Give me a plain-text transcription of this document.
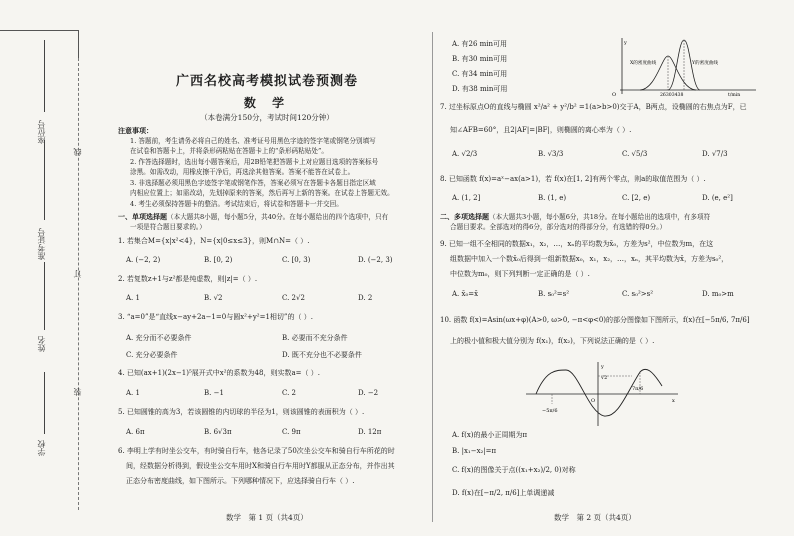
座位号
准考证号
姓名
学校
线
订
装
广西名校高考模拟试卷预测卷
数 学
（本卷满分150分，考试时间120分钟）
注意事项：
1. 答题前，考生请务必将自己的姓名、准考证号用黑色字迹的签字笔或钢笔分别填写
在试卷和答题卡上，并将条形码粘贴在答题卡上的“条形码粘贴处”。
2. 作答选择题时，选出每小题答案后，用2B铅笔把答题卡上对应题目选项的答案标号
涂黑。如需改动，用橡皮擦干净后，再选涂其他答案。答案不能答在试卷上。
3. 非选择题必须用黑色字迹签字笔或钢笔作答，答案必须写在答题卡各题目指定区域
内相应位置上；如需改动，先划掉原来的答案，然后再写上新的答案。在试卷上答题无效。
4. 考生必须保持答题卡的整洁。考试结束后，将试卷和答题卡一并交回。
一、单项选择题（本大题共8小题，每小题5分，共40分。在每小题给出的四个选项中，只有
一项是符合题目要求的。）
1. 若集合M={x|x²<4}，N={x|0≤x≤3}，则M∩N=（ ）.
A. (−2, 2)	B. [0, 2)	C. [0, 3)	D. (−2, 3)
2. 若复数z+1与z²都是纯虚数，则|z|=（ ）.
A. 1	B. √2	C. 2√2	D. 2
3. “a=0”是“直线x−ay+2a−1=0与圆x²+y²=1相切”的（ ）.
A. 充分而不必要条件	B. 必要而不充分条件
C. 充分必要条件	D. 既不充分也不必要条件
4. 已知(ax+1)(2x−1)⁵展开式中x²的系数为48，则实数a=（ ）.
A. 1	B. −1	C. 2	D. −2
5. 已知圆锥的高为3，若该圆锥的内切球的半径为1，则该圆锥的表面积为（ ）.
A. 6π	B. 6√3π	C. 9π	D. 12π
6. 李明上学有时坐公交车，有时骑自行车，他各记录了50次坐公交车和骑自行车所花的时
间，经数据分析得到，假设坐公交车用时X和骑自行车用时Y都服从正态分布，并作出其
正态分布密度曲线，如下图所示。下列哪种情况下，应选择骑自行车（ ）.
数学　第 1 页（共4页）
A. 有26 min可用
B. 有30 min可用
C. 有34 min可用
D. 有38 min可用
O
y
X的密度曲线	Y的密度曲线
26303438	t/min
7. 过坐标原点O的直线与椭圆 x²/a² + y²/b² =1(a>b>0)交于A，B两点，设椭圆的右焦点为F，已
知∠AFB=60°，且2|AF|=|BF|，则椭圆的离心率为（ ）.
A. √2/3	B. √3/3	C. √5/3	D. √7/3
8. 已知函数 f(x)=aˣ−ax(a>1)，若 f(x)在[1, 2]有两个零点，则a的取值范围为（ ）.
A. (1, 2]	B. (1, e)	C. [2, e)	D. (e, e²]
二、多项选择题（本大题共3小题，每小题6分，共18分。在每小题给出的选项中，有多项符
合题目要求。全部选对的得6分，部分选对的得部分分，有选错的得0分。）
9. 已知一组不全相同的数据x₁，x₂，…，xₙ的平均数为x̄₀，方差为s²，中位数为m，在这
组数据中加入一个数x̄₀后得到一组新数据x₀，x₁，x₂，…，xₙ，其平均数为x̄，方差为s₀²，
中位数为m₀，则下列判断一定正确的是（ ）.
A. x̄₀=x̄	B. s₀²=s²	C. s₀²>s²	D. m₀>m
10. 函数 f(x)=Asin(ωx+φ)(A>0, ω>0, −π<φ<0)的部分图像如下图所示，f(x)在[−5π/6, 7π/6]
上的极小值和极大值分别为 f(x₁)，f(x₂)，下列说法正确的是（ ）.
y
x
O
√2
−5π/6
7π/6
A. f(x)的最小正周期为π
B. |x₁−x₂|=π
C. f(x)的图像关于点((x₁+x₂)/2, 0)对称
D. f(x)在[−π/2, π/6]上单调递减
数学　第 2 页（共4页）
